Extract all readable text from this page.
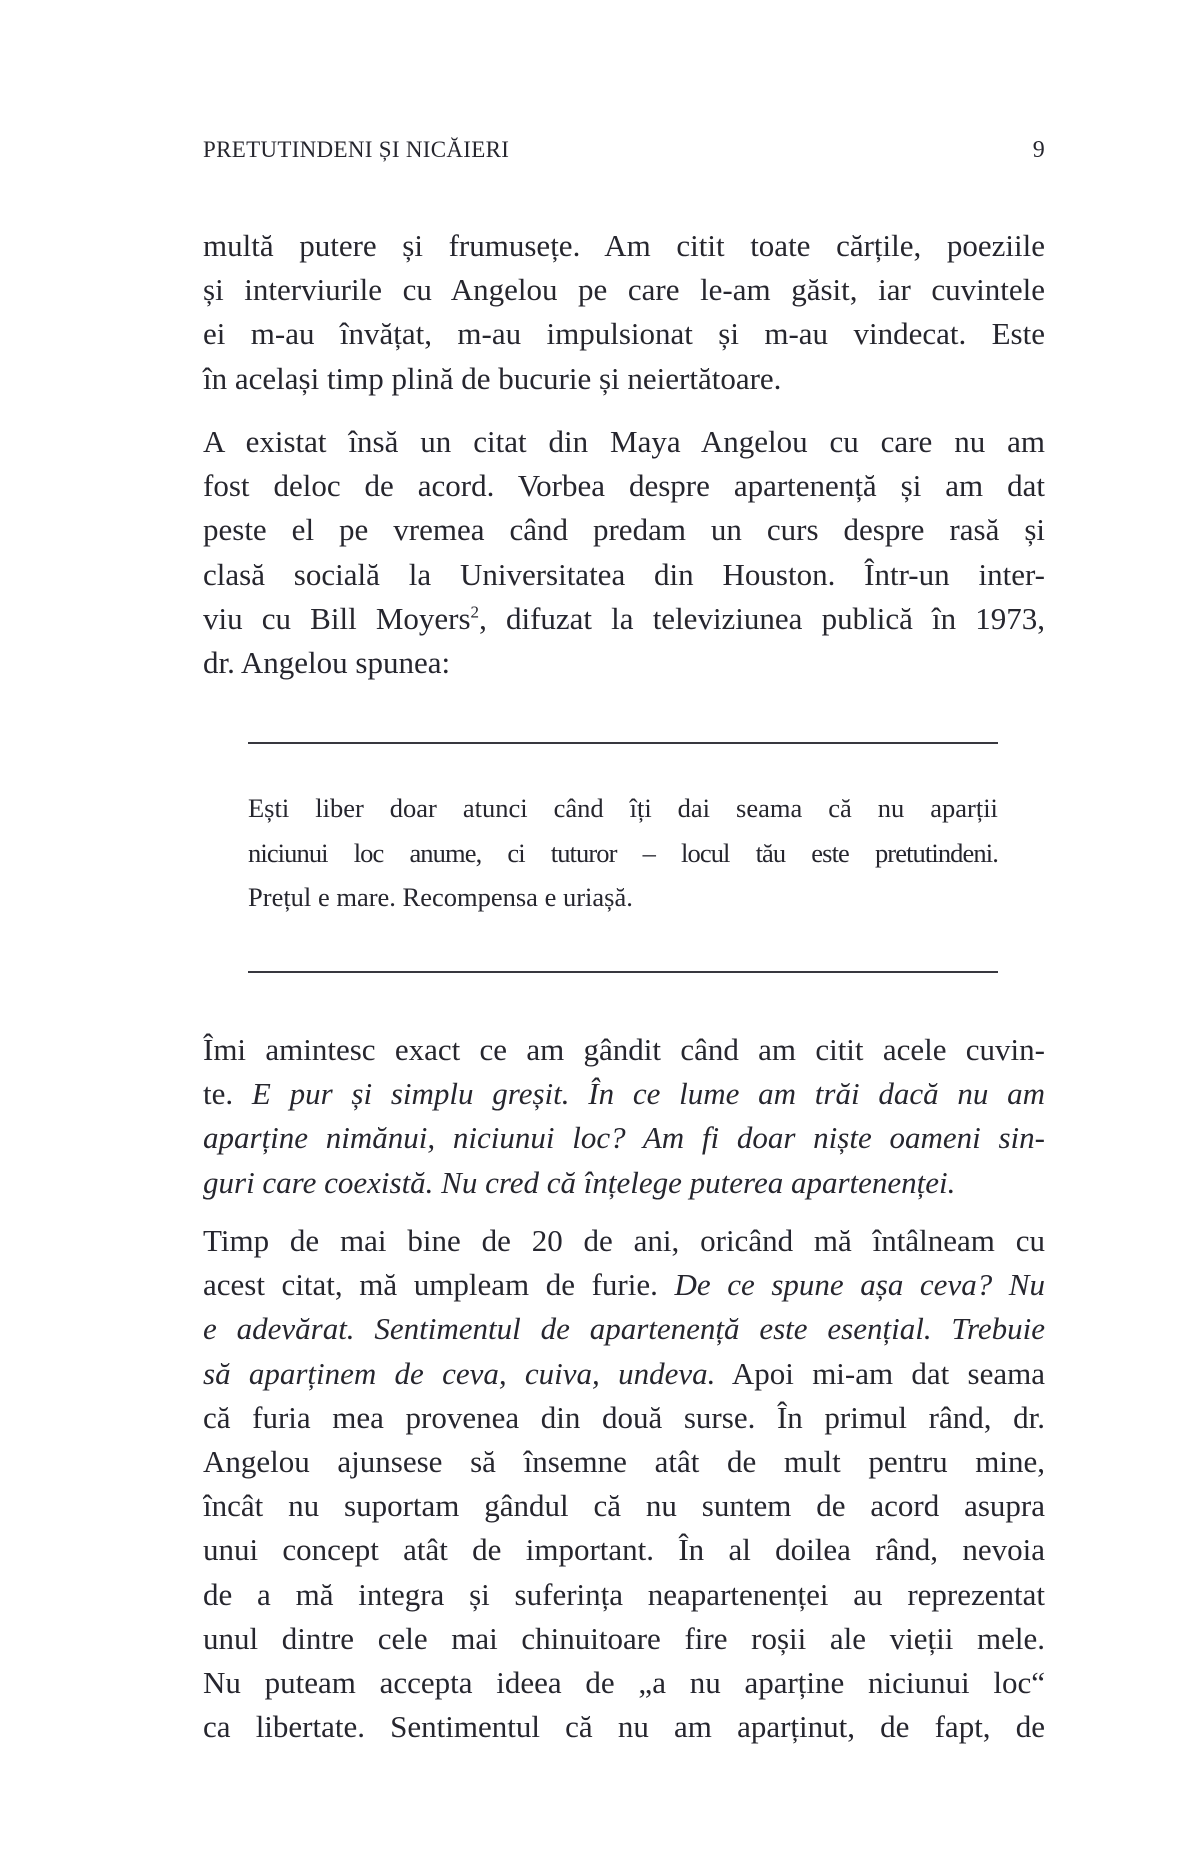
PRETUTINDENI ȘI NICĂIERI	9
multă putere și frumusețe. Am citit toate cărțile, poeziile
și interviurile cu Angelou pe care le-am găsit, iar cuvintele
ei m-au învățat, m-au impulsionat și m-au vindecat. Este
în același timp plină de bucurie și neiertătoare.
A existat însă un citat din Maya Angelou cu care nu am
fost deloc de acord. Vorbea despre apartenență și am dat
peste el pe vremea când predam un curs despre rasă și
clasă socială la Universitatea din Houston. Într-un inter-
viu cu Bill Moyers$^2$, difuzat la televiziunea publică în 1973,
dr. Angelou spunea:
Ești liber doar atunci când îți dai seama că nu aparții
niciunui loc anume, ci tuturor – locul tău este pretutindeni.
Prețul e mare. Recompensa e uriașă.
Îmi amintesc exact ce am gândit când am citit acele cuvin-
te. E pur și simplu greșit. În ce lume am trăi dacă nu am
aparține nimănui, niciunui loc? Am fi doar niște oameni sin-
guri care coexistă. Nu cred că înțelege puterea apartenenței.
Timp de mai bine de 20 de ani, oricând mă întâlneam cu
acest citat, mă umpleam de furie. De ce spune așa ceva? Nu
e adevărat. Sentimentul de apartenență este esențial. Trebuie
să aparținem de ceva, cuiva, undeva. Apoi mi-am dat seama
că furia mea provenea din două surse. În primul rând, dr.
Angelou ajunsese să însemne atât de mult pentru mine,
încât nu suportam gândul că nu suntem de acord asupra
unui concept atât de important. În al doilea rând, nevoia
de a mă integra și suferința neapartenenței au reprezentat
unul dintre cele mai chinuitoare fire roșii ale vieții mele.
Nu puteam accepta ideea de „a nu aparține niciunui loc“
ca libertate. Sentimentul că nu am aparținut, de fapt, de
